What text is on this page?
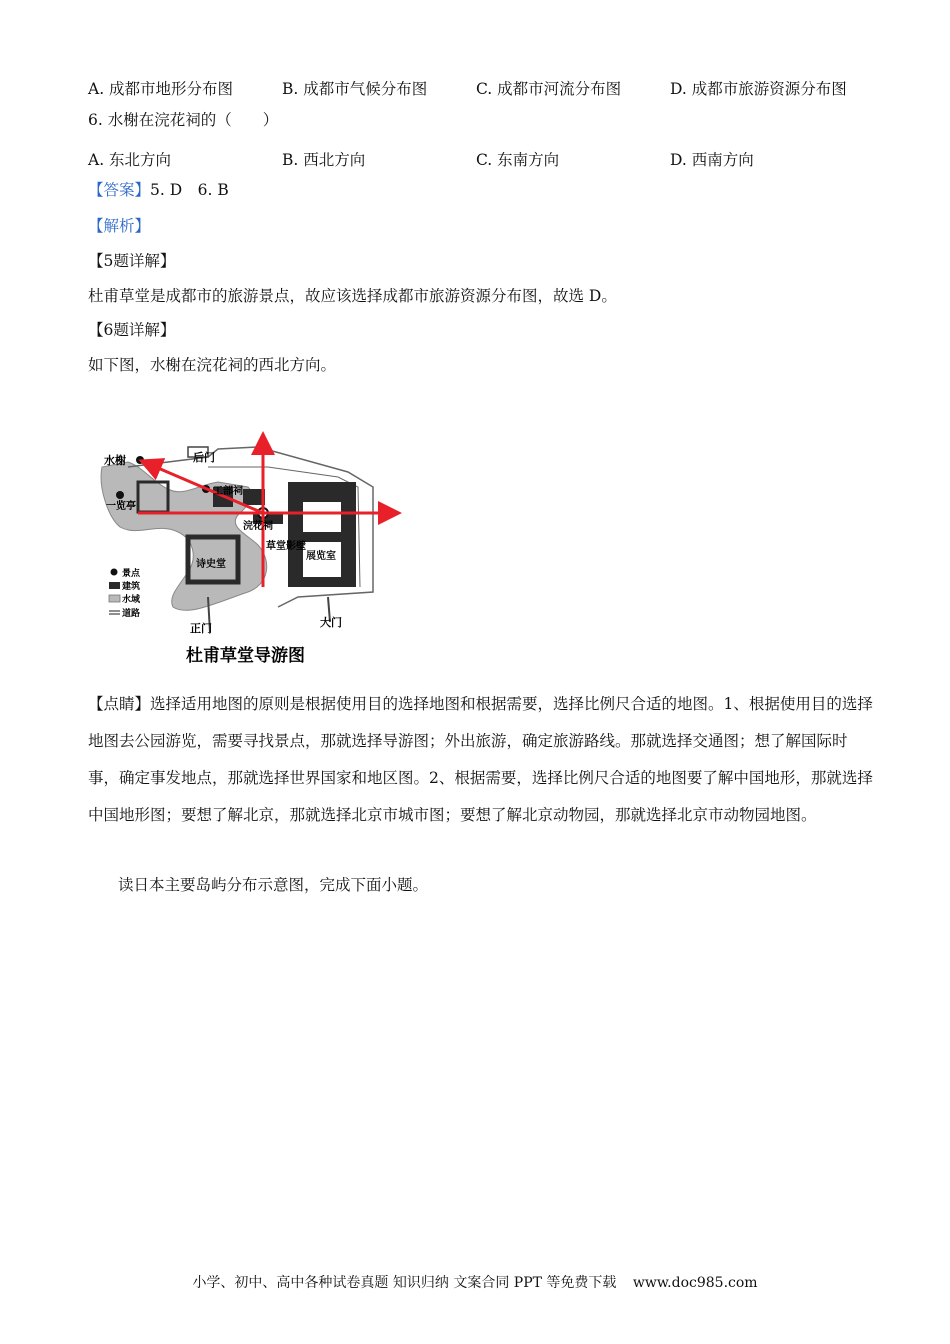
A. 成都市地形分布图	B. 成都市气候分布图	C. 成都市河流分布图	D. 成都市旅游资源分布图
6. 水榭在浣花祠的（　　）
A. 东北方向	B. 西北方向	C. 东南方向	D. 西南方向
【答案】5. D　6. B
【解析】
【5题详解】
杜甫草堂是成都市的旅游景点，故应该选择成都市旅游资源分布图，故选 D。
【6题详解】
如下图，水榭在浣花祠的西北方向。
水榭	后门
一览亭
工部祠
浣花祠
草堂影壁
诗史堂
展览室
正门	大门
景点
建筑
水域
道路
杜甫草堂导游图
【点睛】选择适用地图的原则是根据使用目的选择地图和根据需要，选择比例尺合适的地图。1、根据使用目的选择地图去公园游览，需要寻找景点，那就选择导游图；外出旅游，确定旅游路线。那就选择交通图；想了解国际时事，确定事发地点，那就选择世界国家和地区图。2、根据需要，选择比例尺合适的地图要了解中国地形，那就选择中国地形图；要想了解北京，那就选择北京市城市图；要想了解北京动物园，那就选择北京市动物园地图。
读日本主要岛屿分布示意图，完成下面小题。
小学、初中、高中各种试卷真题 知识归纳 文案合同 PPT 等免费下载 www.doc985.com
